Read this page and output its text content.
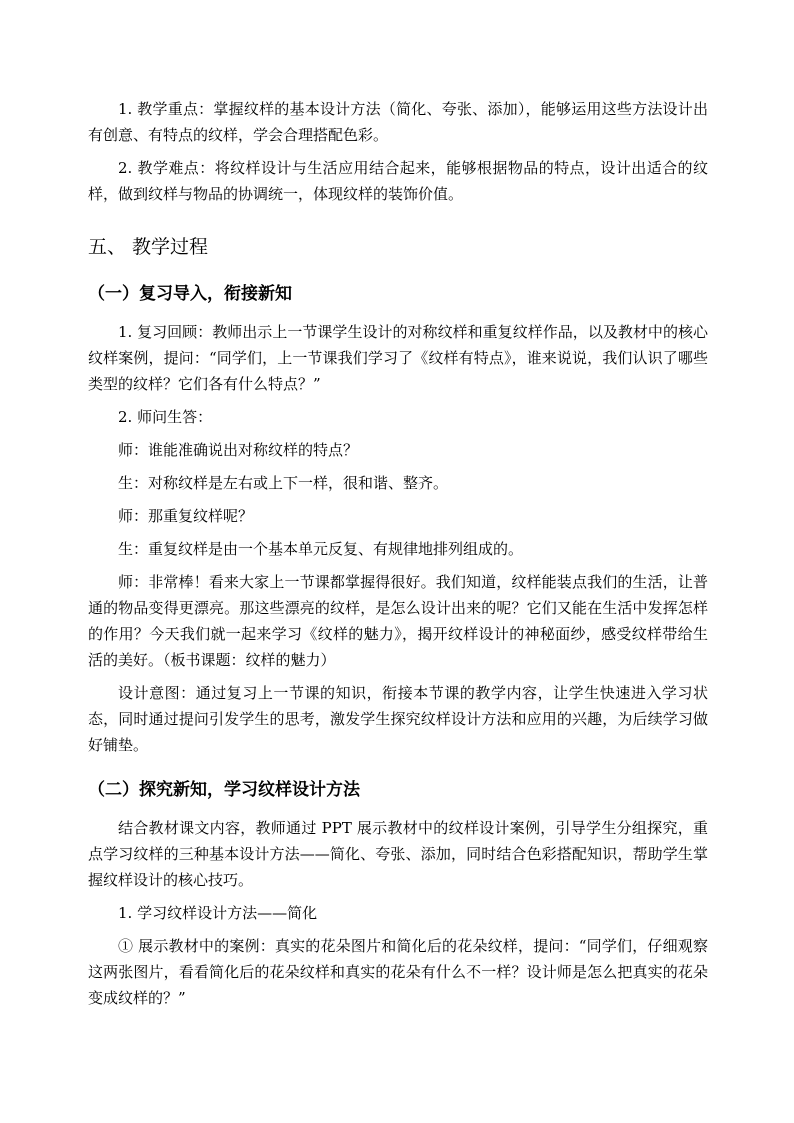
1. 教学重点：掌握纹样的基本设计方法（简化、夸张、添加），能够运用这些方法设计出有创意、有特点的纹样，学会合理搭配色彩。

2. 教学难点：将纹样设计与生活应用结合起来，能够根据物品的特点，设计出适合的纹样，做到纹样与物品的协调统一，体现纹样的装饰价值。

五、 教学过程
（一）复习导入，衔接新知

1. 复习回顾：教师出示上一节课学生设计的对称纹样和重复纹样作品，以及教材中的核心纹样案例，提问：“同学们，上一节课我们学习了《纹样有特点》，谁来说说，我们认识了哪些类型的纹样？它们各有什么特点？”

2. 师问生答：

师：谁能准确说出对称纹样的特点？

生：对称纹样是左右或上下一样，很和谐、整齐。

师：那重复纹样呢？

生：重复纹样是由一个基本单元反复、有规律地排列组成的。

师：非常棒！看来大家上一节课都掌握得很好。我们知道，纹样能装点我们的生活，让普通的物品变得更漂亮。那这些漂亮的纹样，是怎么设计出来的呢？它们又能在生活中发挥怎样的作用？今天我们就一起来学习《纹样的魅力》，揭开纹样设计的神秘面纱，感受纹样带给生活的美好。（板书课题：纹样的魅力）

设计意图：通过复习上一节课的知识，衔接本节课的教学内容，让学生快速进入学习状态，同时通过提问引发学生的思考，激发学生探究纹样设计方法和应用的兴趣，为后续学习做好铺垫。

（二）探究新知，学习纹样设计方法

结合教材课文内容，教师通过 PPT 展示教材中的纹样设计案例，引导学生分组探究，重点学习纹样的三种基本设计方法——简化、夸张、添加，同时结合色彩搭配知识，帮助学生掌握纹样设计的核心技巧。

1. 学习纹样设计方法——简化

① 展示教材中的案例：真实的花朵图片和简化后的花朵纹样，提问：“同学们，仔细观察这两张图片，看看简化后的花朵纹样和真实的花朵有什么不一样？设计师是怎么把真实的花朵变成纹样的？”
